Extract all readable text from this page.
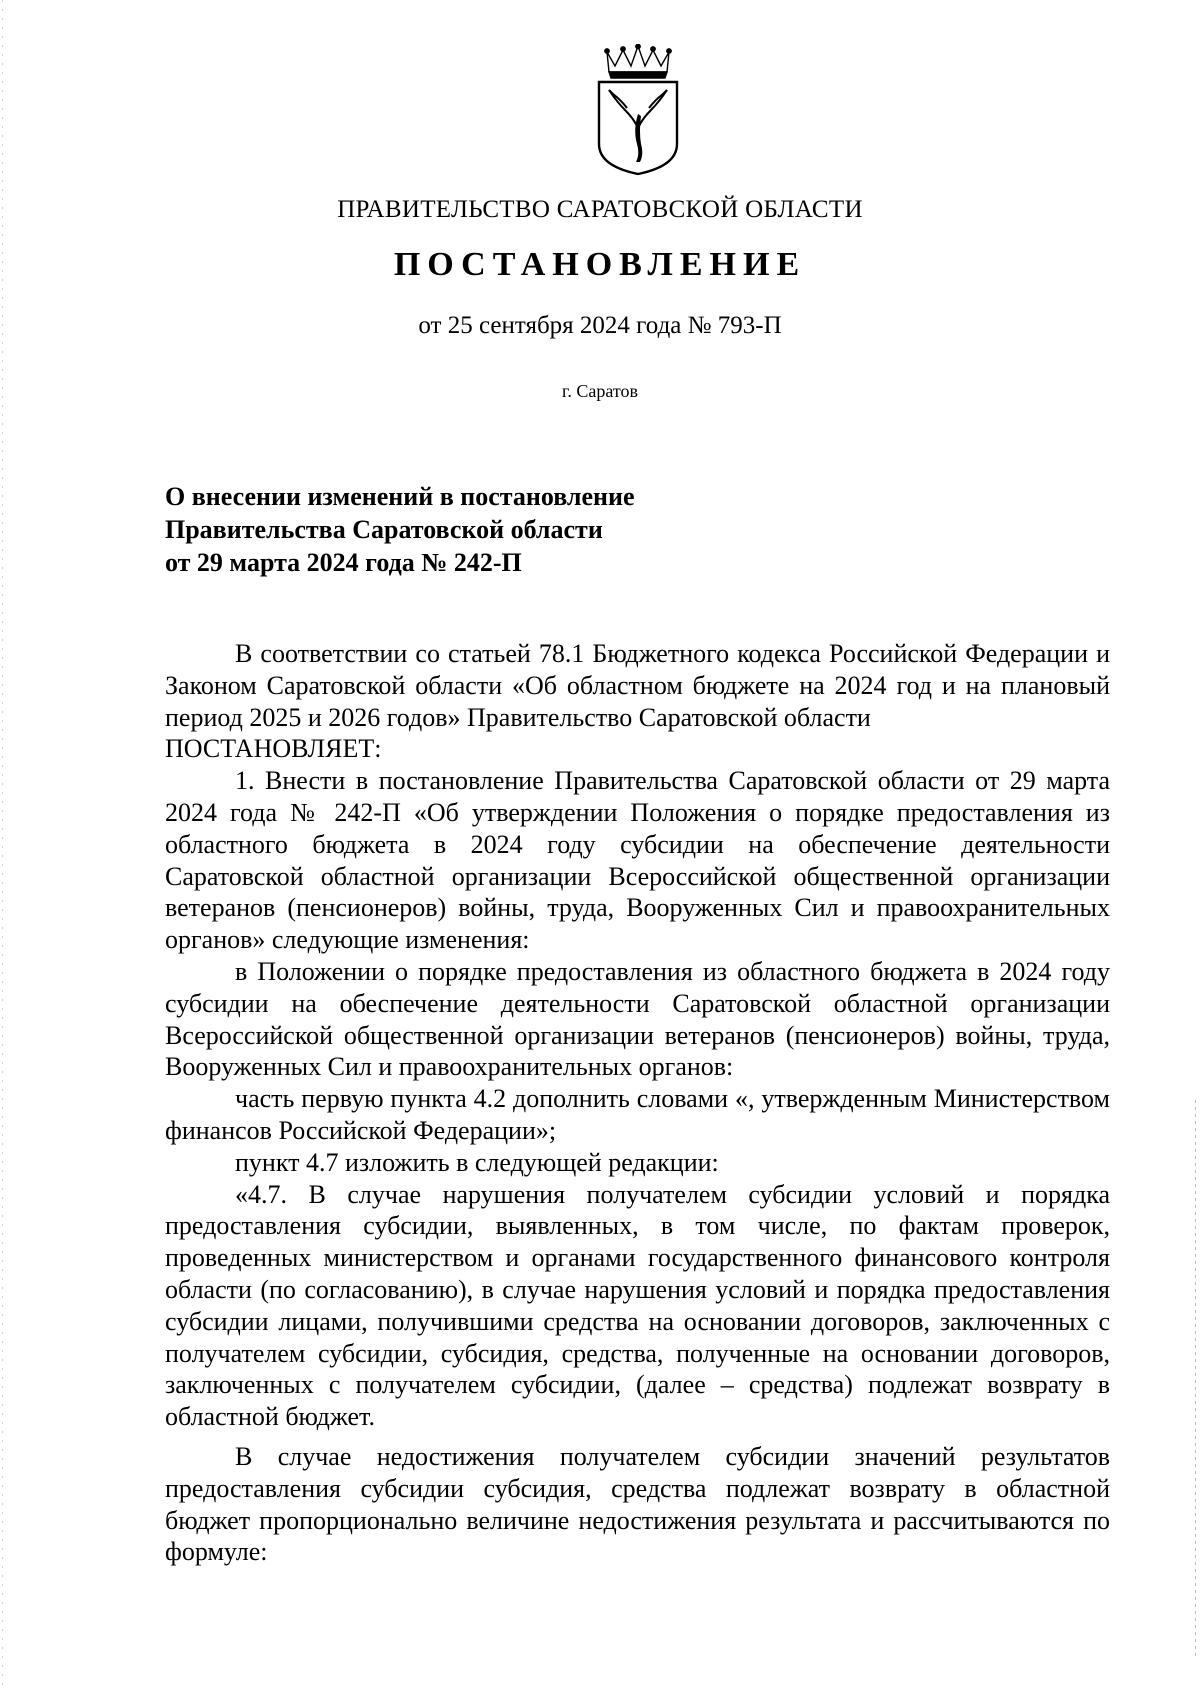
ПРАВИТЕЛЬСТВО САРАТОВСКОЙ ОБЛАСТИ
ПОСТАНОВЛЕНИЕ
от 25 сентября 2024 года № 793-П
г. Саратов
О внесении изменений в постановление
Правительства Саратовской области
от 29 марта 2024 года № 242-П

В соответствии со статьей 78.1 Бюджетного кодекса Российской Федерации и Законом Саратовской области «Об областном бюджете на 2024 год и на плановый период 2025 и 2026 годов» Правительство Саратовской области

ПОСТАНОВЛЯЕТ:

1. Внести в постановление Правительства Саратовской области от 29 марта 2024 года № 242-П «Об утверждении Положения о порядке предоставления из областного бюджета в 2024 году субсидии на обеспечение деятельности Саратовской областной организации Всероссийской общественной организации ветеранов (пенсионеров) войны, труда, Вооруженных Сил и правоохранительных органов» следующие изменения:

в Положении о порядке предоставления из областного бюджета в 2024 году субсидии на обеспечение деятельности Саратовской областной организации Всероссийской общественной организации ветеранов (пенсионеров) войны, труда, Вооруженных Сил и правоохранительных органов:

часть первую пункта 4.2 дополнить словами «, утвержденным Министерством финансов Российской Федерации»;

пункт 4.7 изложить в следующей редакции:

«4.7. В случае нарушения получателем субсидии условий и порядка предоставления субсидии, выявленных, в том числе, по фактам проверок, проведенных министерством и органами государственного финансового контроля области (по согласованию), в случае нарушения условий и порядка предоставления субсидии лицами, получившими средства на основании договоров, заключенных с получателем субсидии, субсидия, средства, полученные на основании договоров, заключенных с получателем субсидии, (далее – средства) подлежат возврату в областной бюджет.

В случае недостижения получателем субсидии значений результатов предоставления субсидии субсидия, средства подлежат возврату в областной бюджет пропорционально величине недостижения результата и рассчитываются по формуле:
